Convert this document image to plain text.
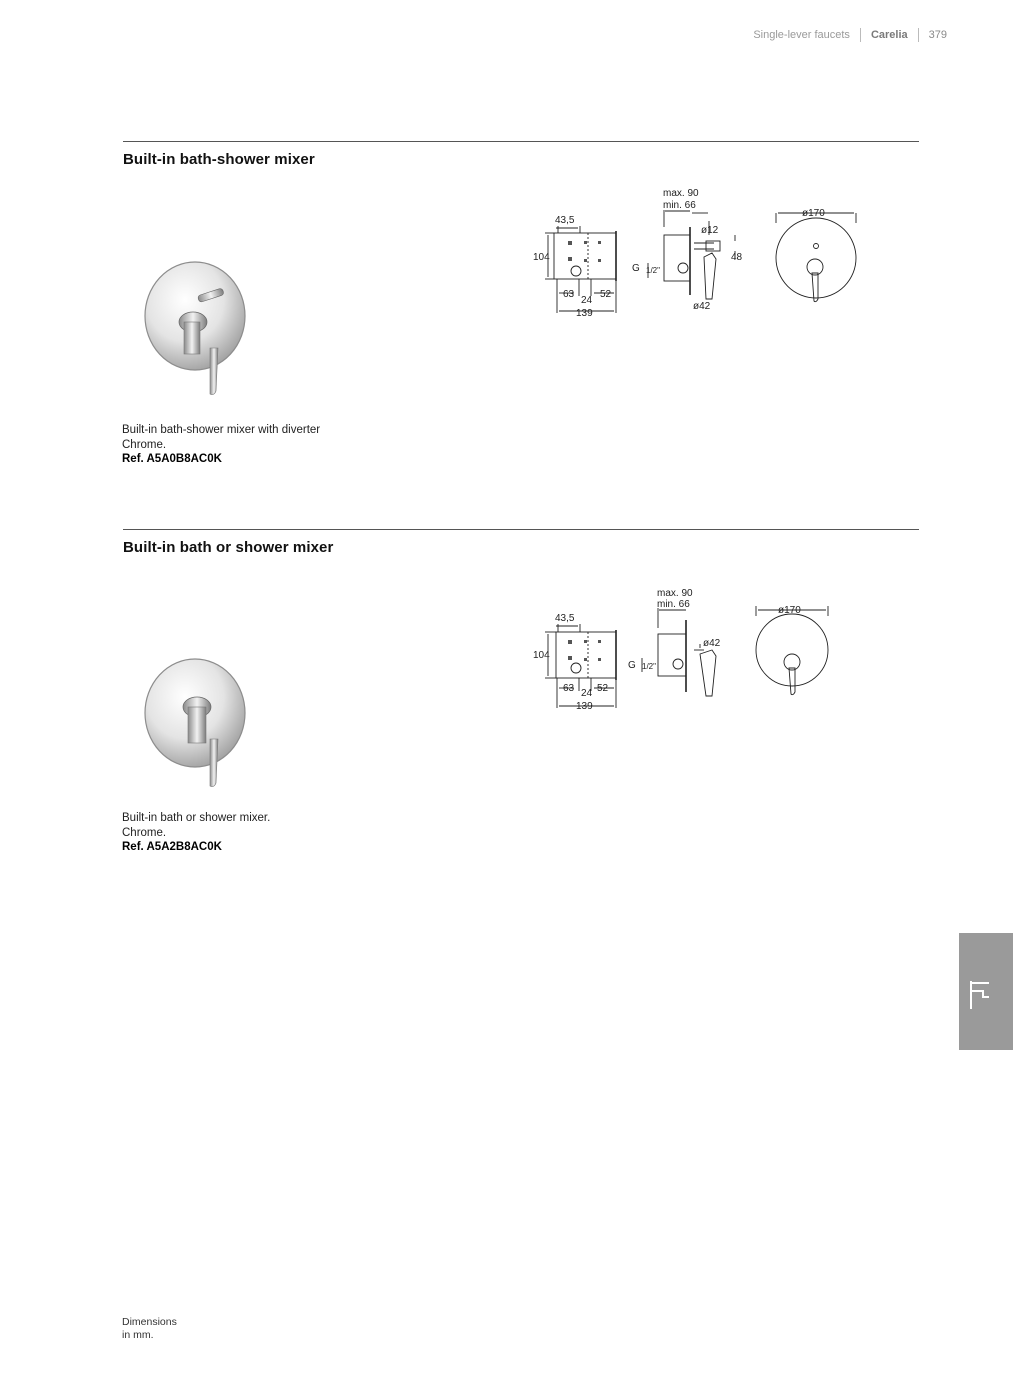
Single-lever faucets Carelia 379
Built-in bath-shower mixer
43,5
104
63
24
52
139
max. 90
min. 66
ø12
48
G 1/2"
ø42
ø170
Built-in bath-shower mixer with diverter
Chrome.
Ref. A5A0B8AC0K
Built-in bath or shower mixer
43,5
104
63 24 52
139
max. 90
min. 66
G 1/2"
ø42
ø170
Built-in bath or shower mixer.
Chrome.
Ref. A5A2B8AC0K
Dimensions
in mm.
